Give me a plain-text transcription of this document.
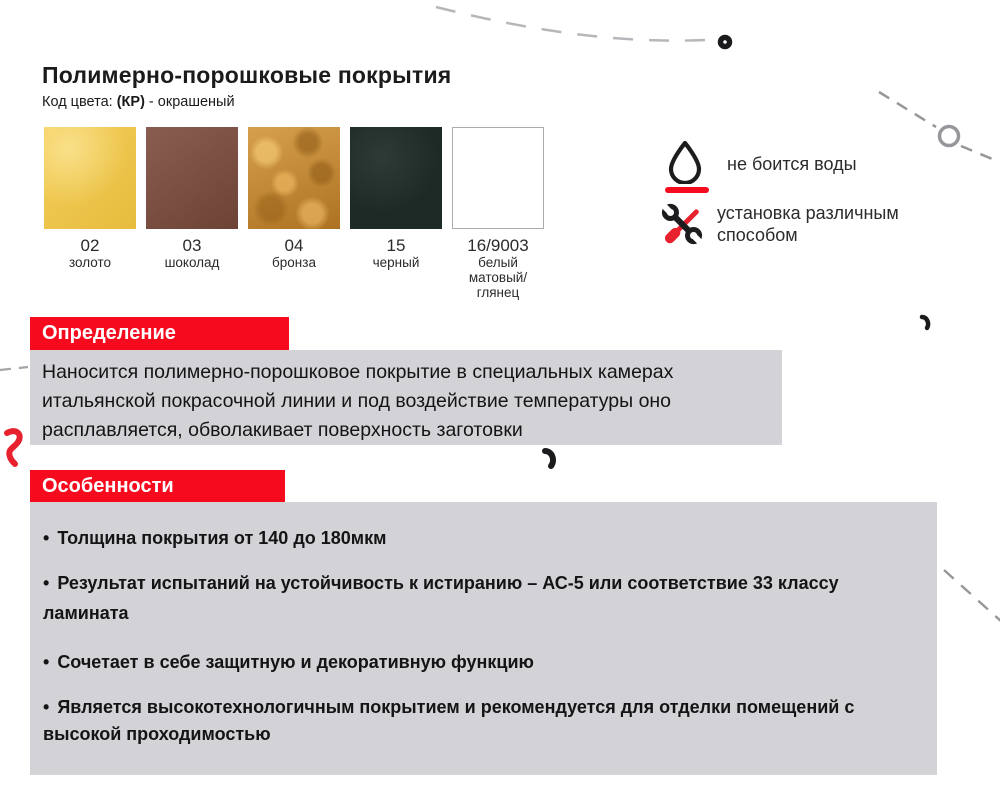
Полимерно-порошковые покрытия
Код цвета: (КР) - окрашеный
02
золото
03
шоколад
04
бронза
15
черный
16/9003
белый
матовый/глянец
не боится воды
установка различным способом
Определение
Наносится полимерно-порошковое покрытие в специальных камерах итальянской покрасочной линии и под воздействие температуры оно расплавляется, обволакивает поверхность заготовки
Особенности

• Толщина покрытия от 140 до 180мкм

• Результат испытаний на устойчивость к истиранию – АС-5 или соответствие 33 классу ламината

• Сочетает в себе защитную и декоративную функцию

• Является высокотехнологичным покрытием и рекомендуется для отделки помещений с высокой проходимостью
